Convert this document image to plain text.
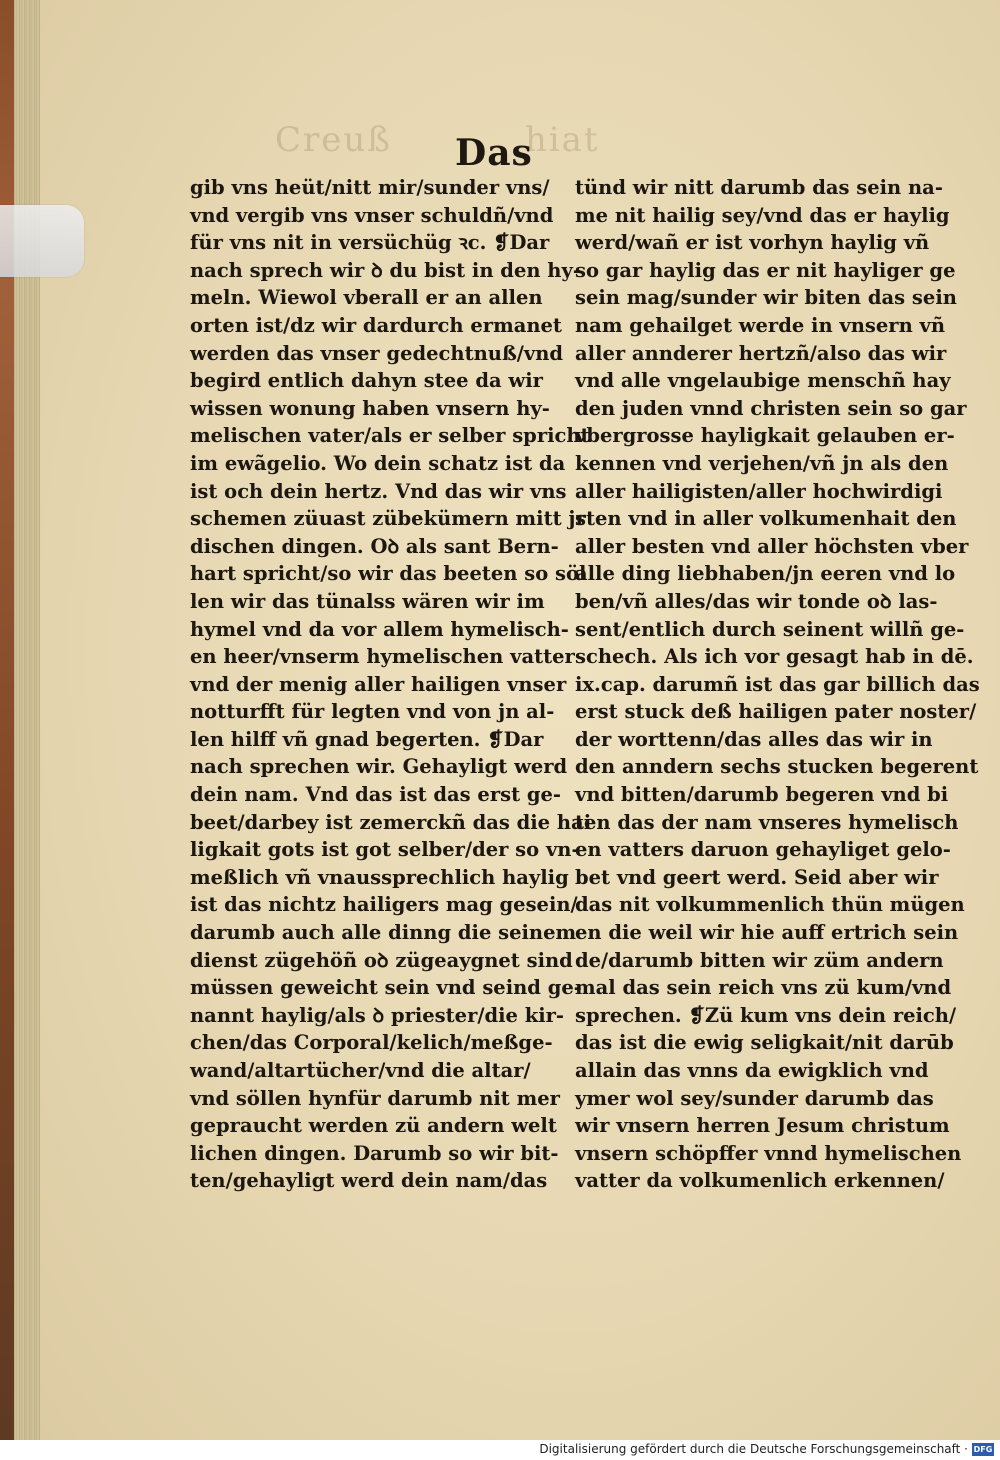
Creuß	hiat
Das
gib vns heüt/nitt mir/sunder vns/
vnd vergib vns vnser schuldñ/vnd
für vns nit in versüchüg ꝛc. ❡Dar
nach sprech wir ꝺ du bist in den hy-
meln. Wiewol vberall er an allen
orten ist/dz wir dardurch ermanet
werden das vnser gedechtnuß/vnd
begird entlich dahyn stee da wir
wissen wonung haben vnsern hy-
melischen vater/als er selber spricht
im ewãgelio. Wo dein schatz ist da
ist och dein hertz. Vnd das wir vns
schemen züuast zübekümern mitt jr
dischen dingen. Oꝺ als sant Bern-
hart spricht/so wir das beeten so söl
len wir das tünalss wären wir im
hymel vnd da vor allem hymelisch-
en heer/vnserm hymelischen vatter
vnd der menig aller hailigen vnser
notturfft für legten vnd von jn al-
len hilff vñ gnad begerten. ❡Dar
nach sprechen wir. Gehayligt werd
dein nam. Vnd das ist das erst ge-
beet/darbey ist zemerckñ das die hai
ligkait gots ist got selber/der so vn-
meßlich vñ vnaussprechlich haylig
ist das nichtz hailigers mag gesein/
darumb auch alle dinng die seinem
dienst zügehöñ oꝺ zügeaygnet sind
müssen geweicht sein vnd seind ge-
nannt haylig/als ꝺ priester/die kir-
chen/das Corporal/kelich/meßge-
wand/altartücher/vnd die altar/
vnd söllen hynfür darumb nit mer
gepraucht werden zü andern welt
lichen dingen. Darumb so wir bit-
ten/gehayligt werd dein nam/das
tünd wir nitt darumb das sein na-
me nit hailig sey/vnd das er haylig
werd/wañ er ist vorhyn haylig vñ
so gar haylig das er nit hayliger ge
sein mag/sunder wir biten das sein
nam gehailget werde in vnsern vñ
aller annderer hertzñ/also das wir
vnd alle vngelaubige menschñ hay
den juden vnnd christen sein so gar
vbergrosse hayligkait gelauben er-
kennen vnd verjehen/vñ jn als den
aller hailigisten/aller hochwirdigi
sten vnd in aller volkumenhait den
aller besten vnd aller höchsten vber
alle ding liebhaben/jn eeren vnd lo
ben/vñ alles/das wir tonde oꝺ las-
sent/entlich durch seinent willñ ge-
schech. Als ich vor gesagt hab in dē.
ix.cap. darumñ ist das gar billich das
erst stuck deß hailigen pater noster/
der worttenn/das alles das wir in
den anndern sechs stucken begerent
vnd bitten/darumb begeren vnd bi
ten das der nam vnseres hymelisch
en vatters daruon gehayliget gelo-
bet vnd geert werd. Seid aber wir
das nit volkummenlich thün mügen
en die weil wir hie auff ertrich sein
de/darumb bitten wir züm andern
mal das sein reich vns zü kum/vnd
sprechen. ❡Zü kum vns dein reich/
das ist die ewig seligkait/nit darūb
allain das vnns da ewigklich vnd
ymer wol sey/sunder darumb das
wir vnsern herren Jesum christum
vnsern schöpffer vnnd hymelischen
vatter da volkumenlich erkennen/
Digitalisierung gefördert durch die Deutsche Forschungsgemeinschaft · DFG
